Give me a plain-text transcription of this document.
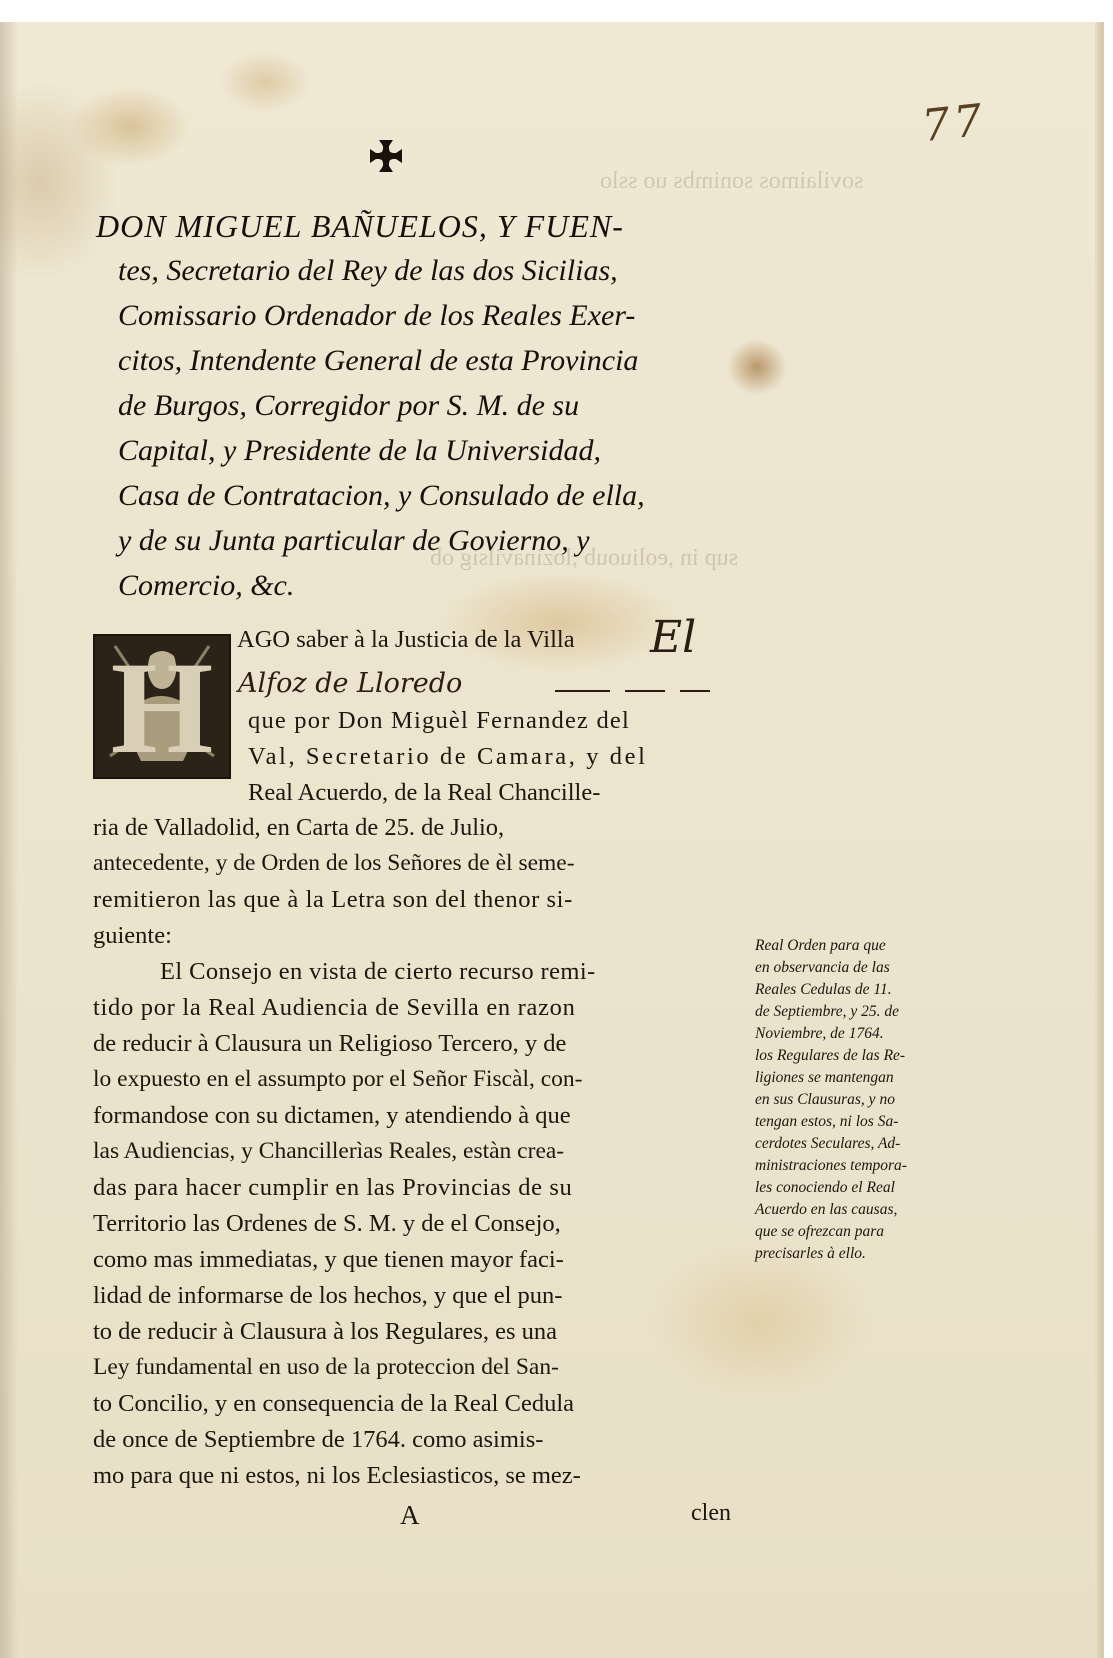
sovilaimos sonimbs uo sslo
sup in ,eoliuoub ,lozinavilsig ob
77
DON MIGUEL BAÑUELOS, Y FUEN-
tes, Secretario del Rey de las dos Sicilias,
Comissario Ordenador de los Reales Exer-
citos, Intendente General de esta Provincia
de Burgos, Corregidor por S. M. de su
Capital, y Presidente de la Universidad,
Casa de Contratacion, y Consulado de ella,
y de su Junta particular de Govierno, y
Comercio, &c.
H AGO saber à la Justicia de la Villa El
Alfoz de Lloredo
que por Don Miguèl Fernandez del
Val, Secretario de Camara, y del
Real Acuerdo, de la Real Chancille-
ria de Valladolid, en Carta de 25. de Julio,
antecedente, y de Orden de los Señores de èl seme-
remitieron las que à la Letra son del thenor si-
guiente:
El Consejo en vista de cierto recurso remi-
tido por la Real Audiencia de Sevilla en razon
de reducir à Clausura un Religioso Tercero, y de
lo expuesto en el assumpto por el Señor Fiscàl, con-
formandose con su dictamen, y atendiendo à que
las Audiencias, y Chancillerìas Reales, estàn crea-
das para hacer cumplir en las Provincias de su
Territorio las Ordenes de S. M. y de el Consejo,
como mas immediatas, y que tienen mayor faci-
lidad de informarse de los hechos, y que el pun-
to de reducir à Clausura à los Regulares, es una
Ley fundamental en uso de la proteccion del San-
to Concilio, y en consequencia de la Real Cedula
de once de Septiembre de 1764. como asimis-
mo para que ni estos, ni los Eclesiasticos, se mez-
A	clen
Real Orden para que
en observancia de las
Reales Cedulas de 11.
de Septiembre, y 25. de
Noviembre, de 1764.
los Regulares de las Re-
ligiones se mantengan
en sus Clausuras, y no
tengan estos, ni los Sa-
cerdotes Seculares, Ad-
ministraciones tempora-
les conociendo el Real
Acuerdo en las causas,
que se ofrezcan para
precisarles à ello.
